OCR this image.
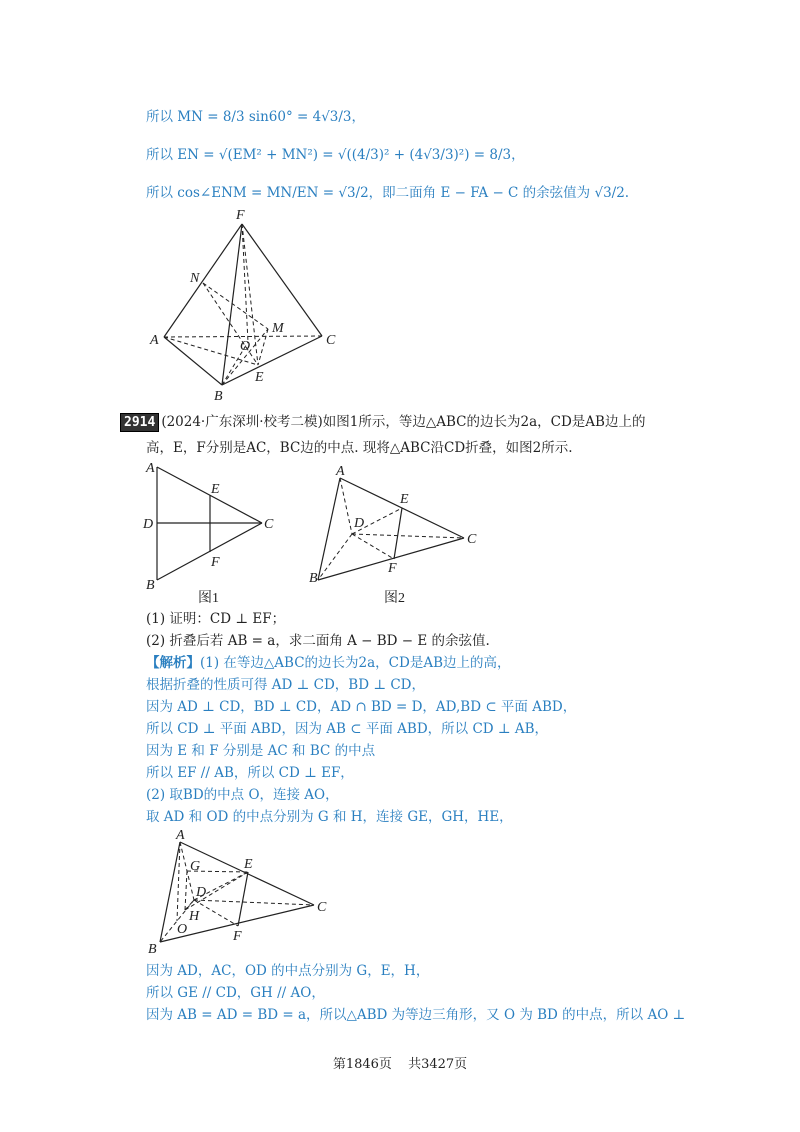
所以 MN = 8/3 sin60° = 4√3/3，
所以 EN = √(EM² + MN²) = √((4/3)² + (4√3/3)²) = 8/3，
所以 cos∠ENM = MN/EN = √3/2，即二面角 E − FA − C 的余弦值为 √3/2.
F
N
M
A	O	C
B
E
2914 (2024·广东深圳·校考二模)如图1所示，等边△ABC的边长为2a，CD是AB边上的
高，E，F分别是AC，BC边的中点. 现将△ABC沿CD折叠，如图2所示.
A
E
D	C
F
B
图1
A
E
D
C
F
B
图2
(1) 证明：CD ⊥ EF；
(2) 折叠后若 AB = a，求二面角 A − BD − E 的余弦值.
【解析】(1) 在等边△ABC的边长为2a，CD是AB边上的高，
根据折叠的性质可得 AD ⊥ CD，BD ⊥ CD，
因为 AD ⊥ CD，BD ⊥ CD，AD ∩ BD = D，AD,BD ⊂ 平面 ABD，
所以 CD ⊥ 平面 ABD，因为 AB ⊂ 平面 ABD，所以 CD ⊥ AB，
因为 E 和 F 分别是 AC 和 BC 的中点
所以 EF // AB，所以 CD ⊥ EF，
(2) 取BD的中点 O，连接 AO，
取 AD 和 OD 的中点分别为 G 和 H，连接 GE，GH，HE，
A
G	E
D
H
O
C
F
B
因为 AD，AC，OD 的中点分别为 G，E，H，
所以 GE // CD，GH // AO，
因为 AB = AD = BD = a，所以△ABD 为等边三角形，又 O 为 BD 的中点，所以 AO ⊥
第1846页 共3427页
